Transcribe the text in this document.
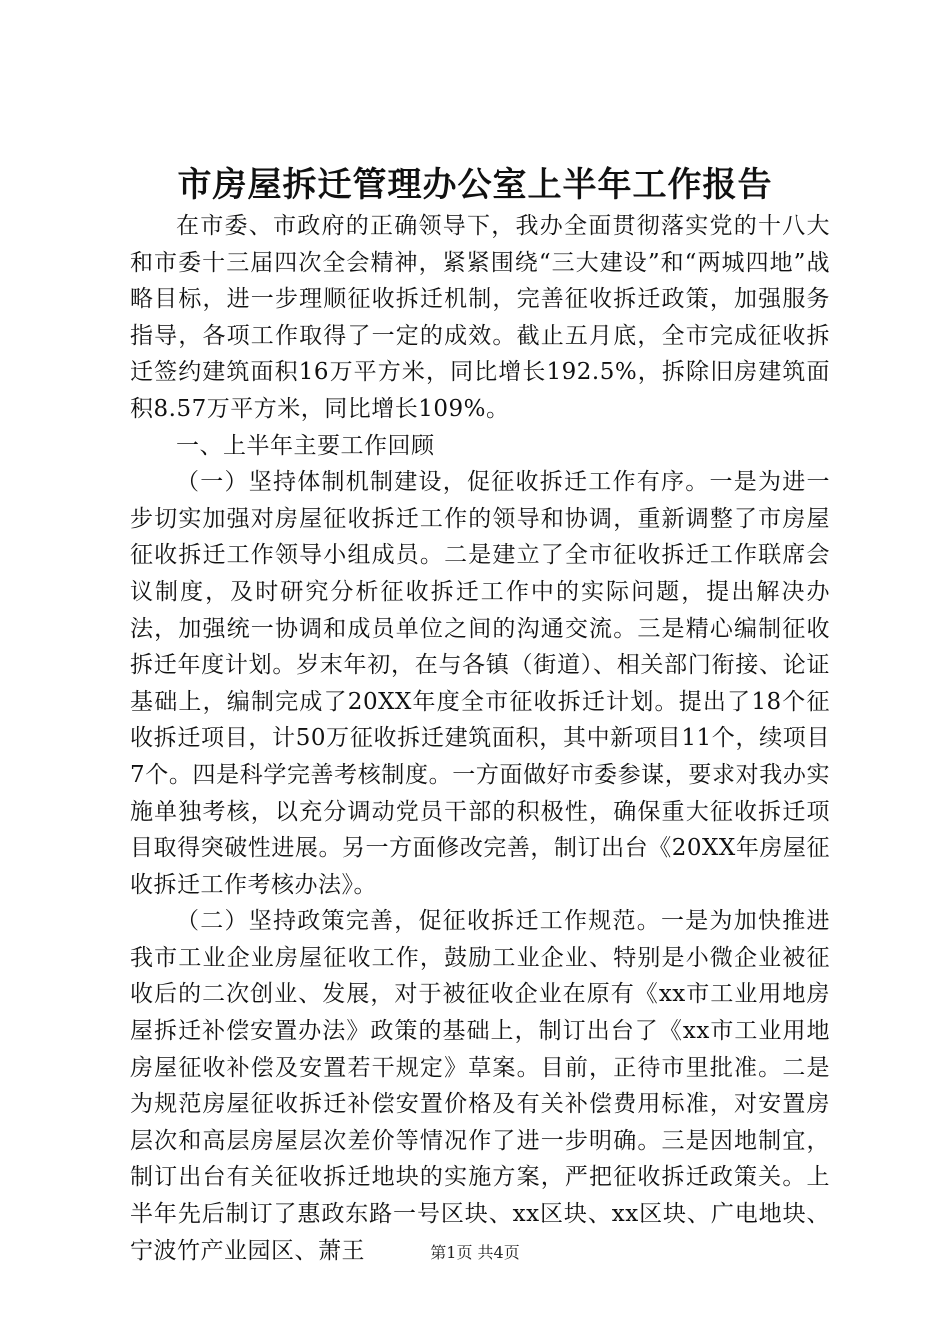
市房屋拆迁管理办公室上半年工作报告

在市委、市政府的正确领导下，我办全面贯彻落实党的十八大和市委十三届四次全会精神，紧紧围绕“三大建设”和“两城四地”战略目标，进一步理顺征收拆迁机制，完善征收拆迁政策，加强服务指导，各项工作取得了一定的成效。截止五月底，全市完成征收拆迁签约建筑面积16万平方米，同比增长192.5%，拆除旧房建筑面积8.57万平方米，同比增长109%。

一、上半年主要工作回顾

（一）坚持体制机制建设，促征收拆迁工作有序。一是为进一步切实加强对房屋征收拆迁工作的领导和协调，重新调整了市房屋征收拆迁工作领导小组成员。二是建立了全市征收拆迁工作联席会议制度，及时研究分析征收拆迁工作中的实际问题，提出解决办法，加强统一协调和成员单位之间的沟通交流。三是精心编制征收拆迁年度计划。岁末年初，在与各镇（街道）、相关部门衔接、论证基础上，编制完成了20XX年度全市征收拆迁计划。提出了18个征收拆迁项目，计50万征收拆迁建筑面积，其中新项目11个，续项目7个。四是科学完善考核制度。一方面做好市委参谋，要求对我办实施单独考核，以充分调动党员干部的积极性，确保重大征收拆迁项目取得突破性进展。另一方面修改完善，制订出台《20XX年房屋征收拆迁工作考核办法》。

（二）坚持政策完善，促征收拆迁工作规范。一是为加快推进我市工业企业房屋征收工作，鼓励工业企业、特别是小微企业被征收后的二次创业、发展，对于被征收企业在原有《xx市工业用地房屋拆迁补偿安置办法》政策的基础上，制订出台了《xx市工业用地房屋征收补偿及安置若干规定》草案。目前，正待市里批准。二是为规范房屋征收拆迁补偿安置价格及有关补偿费用标准，对安置房层次和高层房屋层次差价等情况作了进一步明确。三是因地制宜，制订出台有关征收拆迁地块的实施方案，严把征收拆迁政策关。上半年先后制订了惠政东路一号区块、xx区块、xx区块、广电地块、宁波竹产业园区、萧王	第1页 共4页
